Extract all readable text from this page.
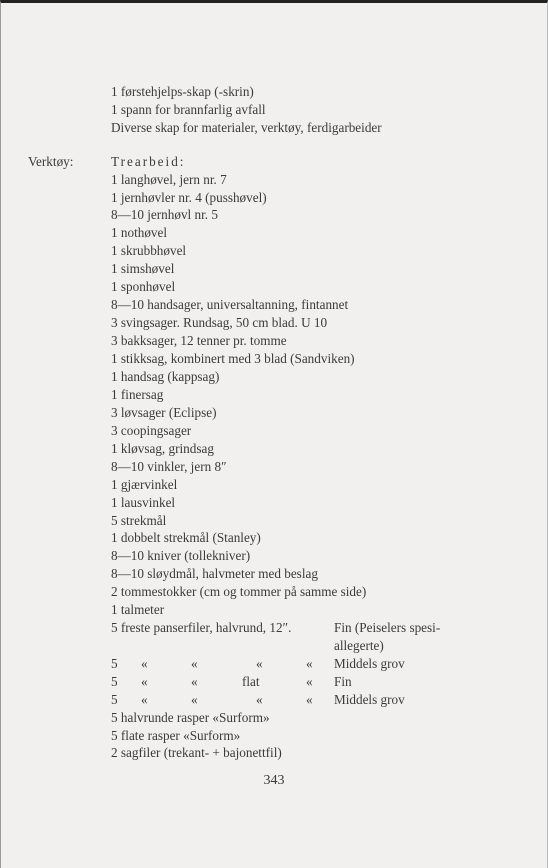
1 førstehjelps-skap (-skrin)
1 spann for brannfarlig avfall
Diverse skap for materialer, verktøy, ferdigarbeider
Verktøy:	Trearbeid:
1 langhøvel, jern nr. 7
1 jernhøvler nr. 4 (pusshøvel)
8—10 jernhøvl nr. 5
1 nothøvel
1 skrubbhøvel
1 simshøvel
1 sponhøvel
8—10 handsager, universaltanning, fintannet
3 svingsager. Rundsag, 50 cm blad. U 10
3 bakksager, 12 tenner pr. tomme
1 stikksag, kombinert med 3 blad (Sandviken)
1 handsag (kappsag)
1 finersag
3 løvsager (Eclipse)
3 coopingsager
1 kløvsag, grindsag
8—10 vinkler, jern 8″
1 gjærvinkel
1 lausvinkel
5 strekmål
1 dobbelt strekmål (Stanley)
8—10 kniver (tollekniver)
8—10 sløydmål, halvmeter med beslag
2 tommestokker (cm og tommer på samme side)
1 talmeter
5 freste panserfiler, halvrund, 12″.	Fin (Peiselers spesi-
allegerte)
5 «	«	«	« Middels grov
5 «	«	flat	« Fin
5 «	«	«	« Middels grov
5 halvrunde rasper «Surform»
5 flate rasper «Surform»
2 sagfiler (trekant- + bajonettfil)
343
